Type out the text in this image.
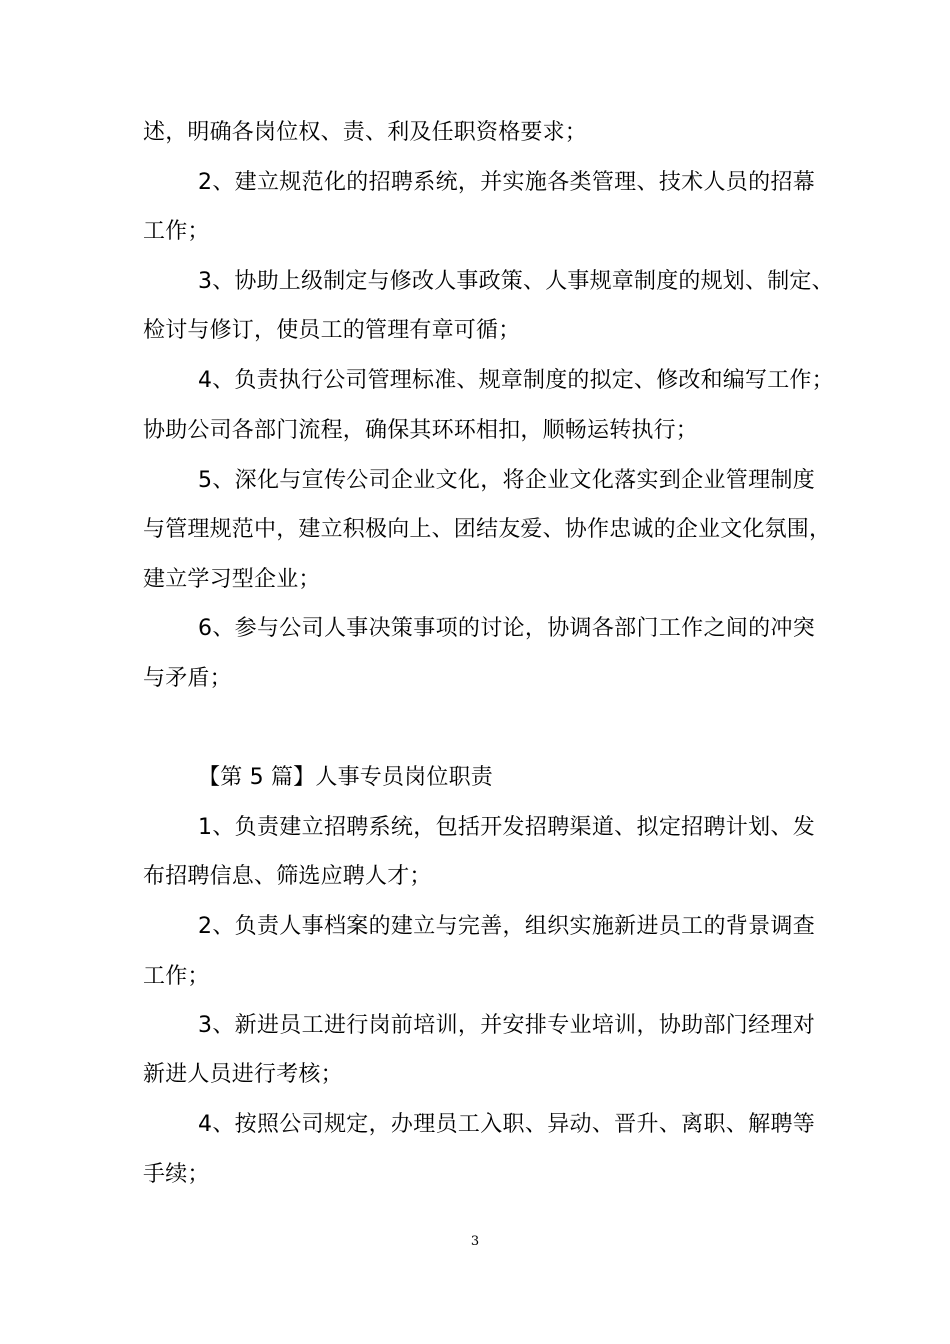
述，明确各岗位权、责、利及任职资格要求；
2、建立规范化的招聘系统，并实施各类管理、技术人员的招幕
工作；
3、协助上级制定与修改人事政策、人事规章制度的规划、制定、
检讨与修订，使员工的管理有章可循；
4、负责执行公司管理标准、规章制度的拟定、修改和编写工作；
协助公司各部门流程，确保其环环相扣，顺畅运转执行；
5、深化与宣传公司企业文化，将企业文化落实到企业管理制度
与管理规范中，建立积极向上、团结友爱、协作忠诚的企业文化氛围，
建立学习型企业；
6、参与公司人事决策事项的讨论，协调各部门工作之间的冲突
与矛盾；
【第 5 篇】人事专员岗位职责
1、负责建立招聘系统，包括开发招聘渠道、拟定招聘计划、发
布招聘信息、筛选应聘人才；
2、负责人事档案的建立与完善，组织实施新进员工的背景调查
工作；
3、新进员工进行岗前培训，并安排专业培训，协助部门经理对
新进人员进行考核；
4、按照公司规定，办理员工入职、异动、晋升、离职、解聘等
手续；
3
